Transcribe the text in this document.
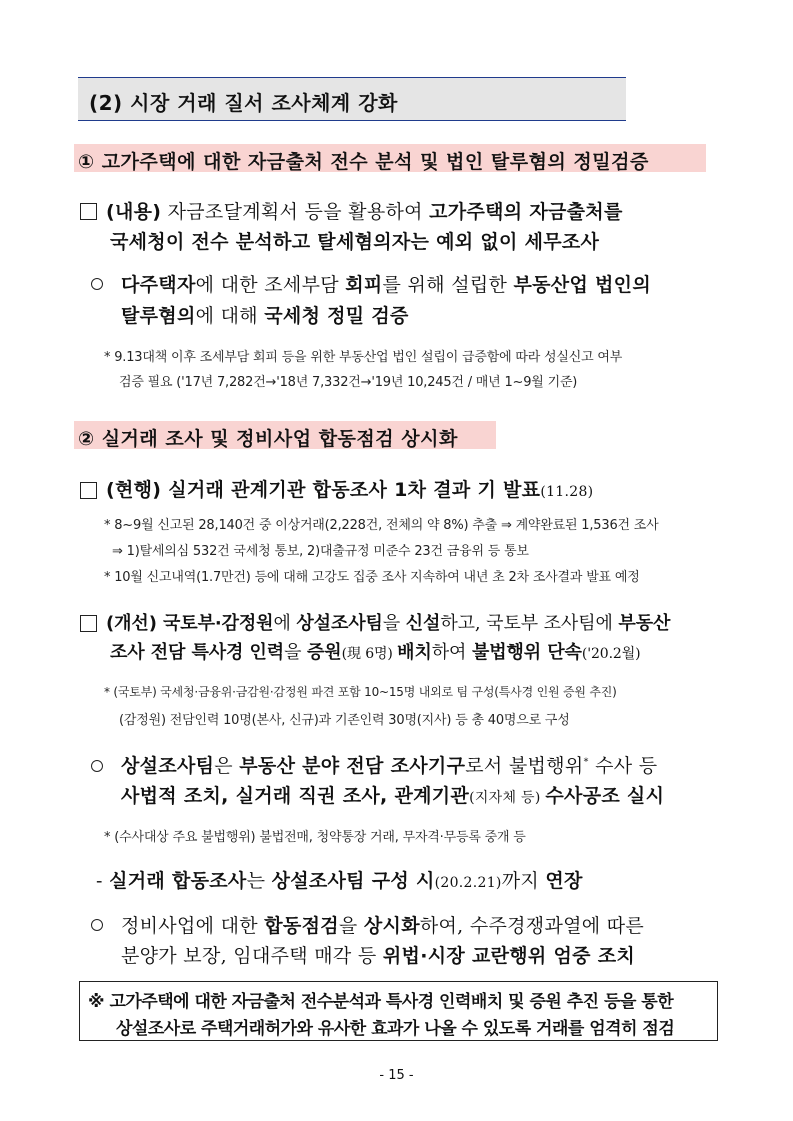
(2) 시장 거래 질서 조사체계 강화
① 고가주택에 대한 자금출처 전수 분석 및 법인 탈루혐의 정밀검증
(내용) 자금조달계획서 등을 활용하여 고가주택의 자금출처를
국세청이 전수 분석하고 탈세혐의자는 예외 없이 세무조사
다주택자에 대한 조세부담 회피를 위해 설립한 부동산업 법인의
탈루혐의에 대해 국세청 정밀 검증
* 9.13대책 이후 조세부담 회피 등을 위한 부동산업 법인 설립이 급증함에 따라 성실신고 여부
검증 필요 ('17년 7,282건→'18년 7,332건→'19년 10,245건 / 매년 1~9월 기준)
② 실거래 조사 및 정비사업 합동점검 상시화
(현행) 실거래 관계기관 합동조사 1차 결과 기 발표(11.28)
* 8~9월 신고된 28,140건 중 이상거래(2,228건, 전체의 약 8%) 추출 ⇒ 계약완료된 1,536건 조사
⇒ 1)탈세의심 532건 국세청 통보, 2)대출규정 미준수 23건 금융위 등 통보
* 10월 신고내역(1.7만건) 등에 대해 고강도 집중 조사 지속하여 내년 초 2차 조사결과 발표 예정
(개선) 국토부·감정원에 상설조사팀을 신설하고, 국토부 조사팀에 부동산
조사 전담 특사경 인력을 증원(現 6명) 배치하여 불법행위 단속('20.2월)
* (국토부) 국세청·금융위·금감원·감정원 파견 포함 10~15명 내외로 팀 구성(특사경 인원 증원 추진)
(감정원) 전담인력 10명(본사, 신규)과 기존인력 30명(지사) 등 총 40명으로 구성
상설조사팀은 부동산 분야 전담 조사기구로서 불법행위* 수사 등
사법적 조치, 실거래 직권 조사, 관계기관(지자체 등) 수사공조 실시
* (수사대상 주요 불법행위) 불법전매, 청약통장 거래, 무자격·무등록 중개 등
- 실거래 합동조사는 상설조사팀 구성 시(20.2.21)까지 연장
정비사업에 대한 합동점검을 상시화하여, 수주경쟁과열에 따른
분양가 보장, 임대주택 매각 등 위법·시장 교란행위 엄중 조치
※ 고가주택에 대한 자금출처 전수분석과 특사경 인력배치 및 증원 추진 등을 통한
상설조사로 주택거래허가와 유사한 효과가 나올 수 있도록 거래를 엄격히 점검
- 15 -
